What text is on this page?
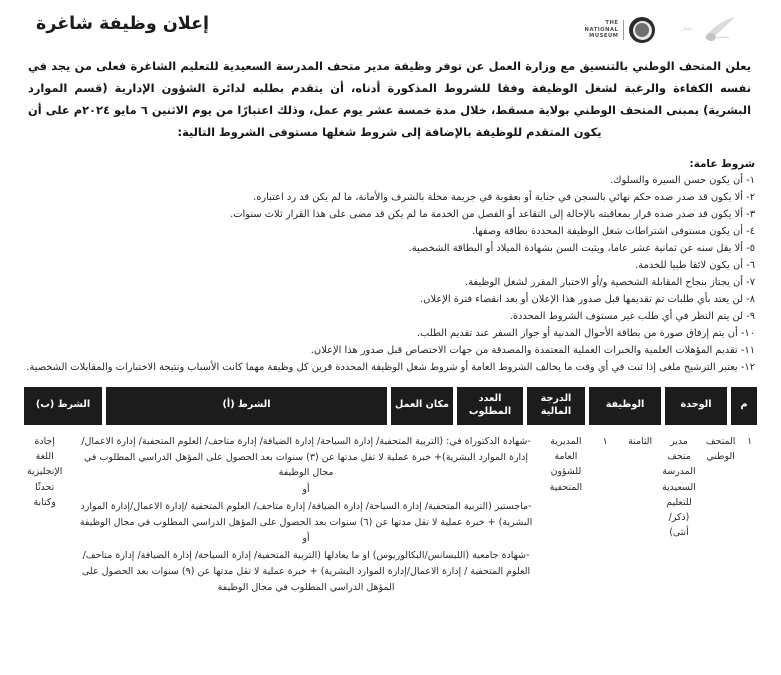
إعلان وظيفة شاغرة	شعار
THE
NATIONAL
MUSEUM
يعلن المتحف الوطني بالتنسيق مع وزارة العمل عن توفر وظيفة مدير متحف المدرسة السعيدية للتعليم الشاغرة فعلى من يجد في نفسه الكفاءة والرغبة لشغل الوظيفة وفقا للشروط المذكورة أدناه، أن يتقدم بطلبه لدائرة الشؤون الإدارية (قسم الموارد البشرية) بمبنى المتحف الوطني بولاية مسقط، خلال مدة خمسة عشر يوم عمل، وذلك اعتبارًا من يوم الاثنين ٦ مايو ٢٠٢٤م على أن يكون المتقدم للوظيفة بالإضافة إلى شروط شغلها مستوفى الشروط التالية:
شروط عامة:
١- أن يكون حسن السيرة والسلوك.
٢- ألا يكون قد صدر ضده حكم نهائي بالسجن في جناية أو بعقوبة في جريمة مخلة بالشرف والأمانة، ما لم يكن قد رد اعتباره.
٣- ألا يكون قد صدر ضده قرار بمعاقبته بالإحالة إلى التقاعد أو الفصل من الخدمة ما لم يكن قد مضى على هذا القرار ثلاث سنوات.
٤- أن يكون مستوفى اشتراطات شغل الوظيفة المحددة بطاقة وصفها.
٥- ألا يقل سنه عن ثمانية عشر عاما، ويثبت السن بشهادة الميلاد أو البطاقة الشخصية.
٦- أن يكون لائقا طبيا للخدمة.
٧- أن يجتاز بنجاح المقابلة الشخصية و/أو الاختبار المقرر لشغل الوظيفة.
٨- لن يعتد بأي طلبات تم تقديمها قبل صدور هذا الإعلان أو بعد انقضاء فترة الإعلان.
٩- لن يتم النظر في أي طلب غير مستوف الشروط المحددة.
١٠- أن يتم إرفاق صورة من بطاقة الأحوال المدنية أو جواز السفر عند تقديم الطلب.
١١- تقديم المؤهلات العلمية والخبرات العملية المعتمدة والمصدقة من جهات الاختصاص قبل صدور هذا الإعلان.
١٢- يعتبر الترشيح ملغى إذا ثبت في أي وقت ما يخالف الشروط العامة أو شروط شغل الوظيفة المحددة قرين كل وظيفة مهما كانت الأسباب ونتيجة الاختبارات والمقابلات الشخصية.
م
الوحدة
الوظيفة
الدرجة المالية
العدد المطلوب
مكان العمل
الشرط (أ)
الشرط (ب)
١
المتحف الوطني
مدير متحف المدرسة السعيدية للتعليم (ذكر/أنثى)
الثامنة
١
المديرية العامة للشؤون المتحفية

-شهادة الدكتوراة في: (التربية المتحفية/ إدارة السياحة/ إدارة الضيافة/ إدارة متاحف/ العلوم المتحفية/ إدارة الاعمال/إدارة الموارد البشرية)+ خبرة عملية لا تقل مدتها عن (٣) سنوات بعد الحصول على المؤهل الدراسي المطلوب في مجال الوظيفة

أو

-ماجستير (التربية المتحفية/ إدارة السياحة/ إدارة الضيافة/ إدارة متاحف/ العلوم المتحفية /إدارة الاعمال/إدارة الموارد البشرية) + خبرة عملية لا تقل مدتها عن (٦) سنوات بعد الحصول على المؤهل الدراسي المطلوب في مجال الوظيفة

أو

-شهادة جامعية (الليسانس/البكالوريوس) او ما يعادلها (التربية المتحفية/ إدارة السياحة/ إدارة الضيافة/ إدارة متاحف/ العلوم المتحفية / إدارة الاعمال/إدارة الموارد البشرية) + خبرة عملية لا تقل مدتها عن (٩) سنوات بعد الحصول على المؤهل الدراسي المطلوب في مجال الوظيفة

إجادة اللغة الإنجليزية تحدثًا وكتابة
